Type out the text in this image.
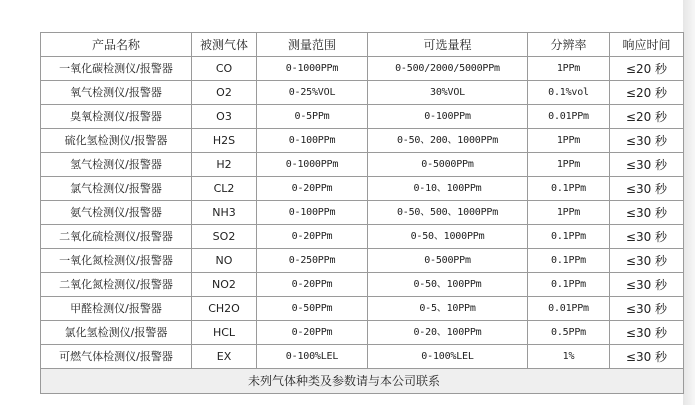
产品名称	被测气体	测量范围	可选量程	分辨率	响应时间
一氧化碳检测仪/报警器	CO	0-1000PPm	0-500/2000/5000PPm	1PPm	≤20 秒
氧气检测仪/报警器	O2	0-25%VOL	30%VOL	0.1%vol	≤20 秒
臭氧检测仪/报警器	O3	0-5PPm	0-100PPm	0.01PPm	≤20 秒
硫化氢检测仪/报警器	H2S	0-100PPm	0-50、200、1000PPm	1PPm	≤30 秒
氢气检测仪/报警器	H2	0-1000PPm	0-5000PPm	1PPm	≤30 秒
氯气检测仪/报警器	CL2	0-20PPm	0-10、100PPm	0.1PPm	≤30 秒
氨气检测仪/报警器	NH3	0-100PPm	0-50、500、1000PPm	1PPm	≤30 秒
二氧化硫检测仪/报警器	SO2	0-20PPm	0-50、1000PPm	0.1PPm	≤30 秒
一氧化氮检测仪/报警器	NO	0-250PPm	0-500PPm	0.1PPm	≤30 秒
二氧化氮检测仪/报警器	NO2	0-20PPm	0-50、100PPm	0.1PPm	≤30 秒
甲醛检测仪/报警器	CH2O	0-50PPm	0-5、10PPm	0.01PPm	≤30 秒
氯化氢检测仪/报警器	HCL	0-20PPm	0-20、100PPm	0.5PPm	≤30 秒
可燃气体检测仪/报警器	EX	0-100%LEL	0-100%LEL	1%	≤30 秒
未列气体种类及参数请与本公司联系					
